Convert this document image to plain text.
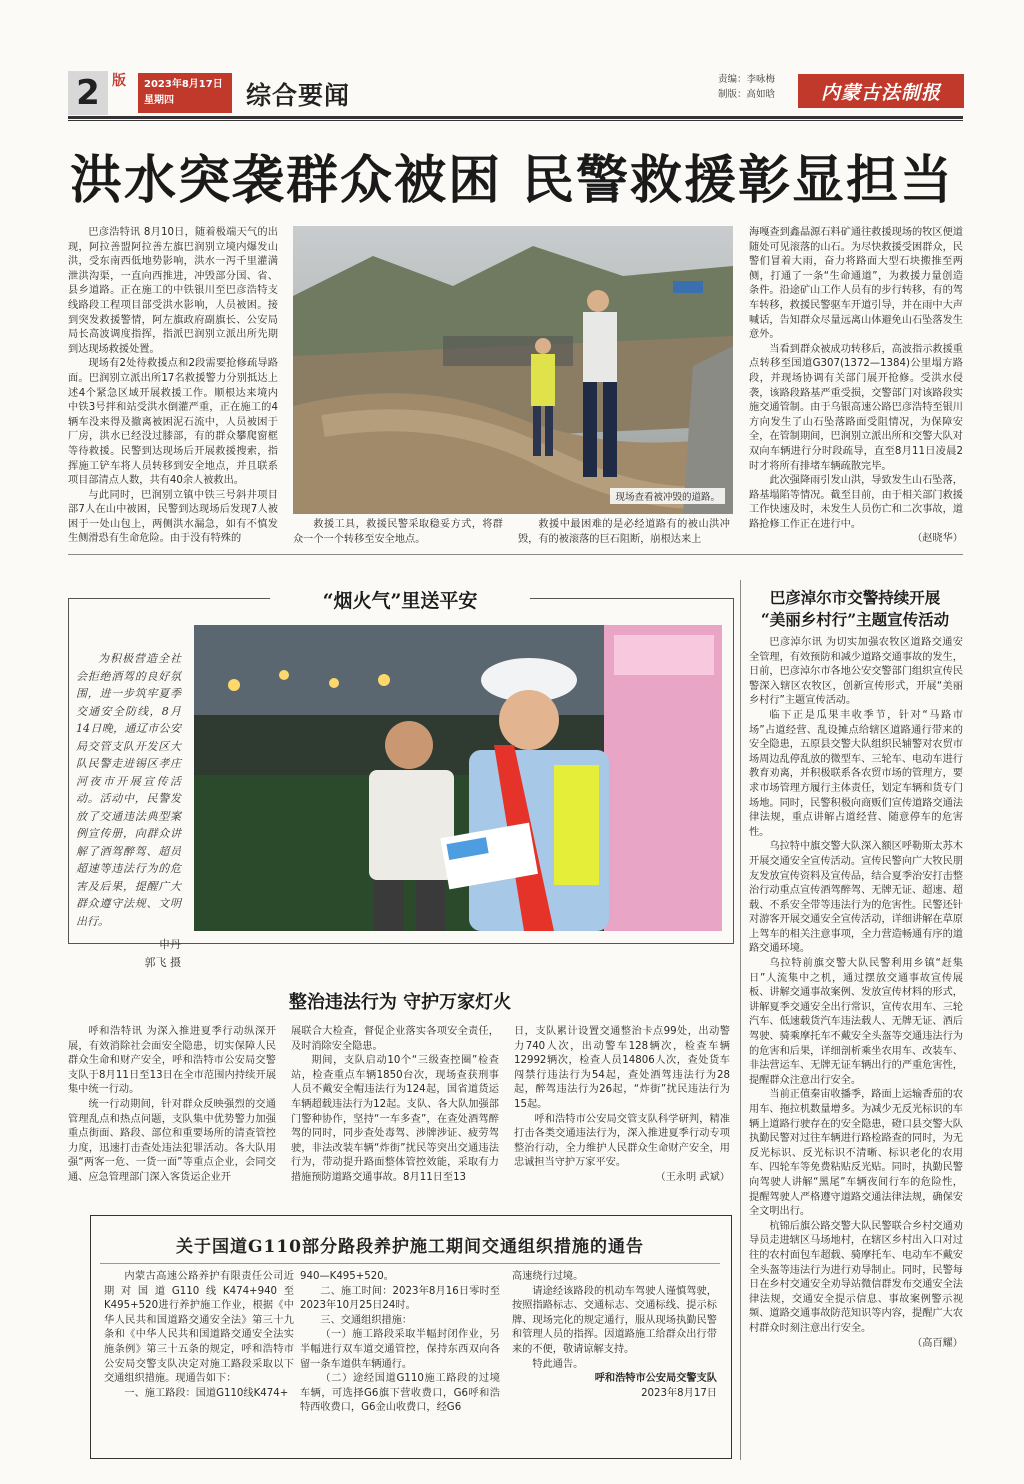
2 版	2023年8月17日
星期四	综合要闻
责编：李咏梅
制版：高如晗	内蒙古法制报
洪水突袭群众被困 民警救援彰显担当

巴彦浩特讯 8月10日，随着极端天气的出现，阿拉善盟阿拉善左旗巴润别立境内爆发山洪，受东南西低地势影响，洪水一泻千里灌满泄洪沟渠，一直向西推进，冲毁部分国、省、县乡道路。正在施工的中铁银川至巴彦浩特支线路段工程项目部受洪水影响，人员被困。接到突发救援警情，阿左旗政府副旗长、公安局局长高波调度指挥，指派巴润别立派出所先期到达现场救援处置。

现场有2处待救援点和2段需要抢修疏导路面。巴润别立派出所17名救援警力分别抵达上述4个紧急区域开展救援工作。顺根达来境内中铁3号拌和站受洪水倒灌严重，正在施工的4辆车没来得及撤离被困泥石流中，人员被困于厂房，洪水已经没过膝部，有的群众攀爬窗框等待救援。民警到达现场后开展救援搜索，指挥施工铲车将人员转移到安全地点，并且联系项目部清点人数，共有40余人被救出。

与此同时，巴润别立镇中铁三号斜井项目部7人在山中被困，民警到达现场后发现7人被困于一处山包上，两侧洪水漏急，如有不慎发生侧滑恐有生命危险。由于没有特殊的

现场查看被冲毁的道路。

救援工具，救援民警采取稳妥方式，将群众一个一个转移至安全地点。

救援中最困难的是必经道路有的被山洪冲毁，有的被滚落的巨石阻断，崩根达来上

海嘎查到鑫晶源石料矿通往救援现场的牧区便道随处可见滚落的山石。为尽快救援受困群众，民警们冒着大雨，奋力将路面大型石块搬推至两侧，打通了一条“生命通道”，为救援力量创造条件。沿途矿山工作人员有的步行转移，有的驾车转移，救援民警驱车开道引导，并在雨中大声喊话，告知群众尽量远离山体避免山石坠落发生意外。

当看到群众被成功转移后，高波指示救援重点转移至国道G307(1372—1384)公里塌方路段，并现场协调有关部门展开抢修。受洪水侵袭，该路段路基严重受损，交警部门对该路段实施交通管制。由于乌银高速公路巴彦浩特至银川方向发生了山石坠落路面受阻情况，为保障安全，在管制期间，巴润别立派出所和交警大队对双向车辆进行分时段疏导，直至8月11日凌晨2时才将所有排堵车辆疏散完毕。

此次强降雨引发山洪，导致发生山石坠落，路基塌陷等情况。截至目前，由于相关部门救援工作快速及时，未发生人员伤亡和二次事故，道路抢修工作正在进行中。

（赵晓华）
“烟火气”里送平安
为积极营造全社会拒绝酒驾的良好氛围，进一步筑牢夏季交通安全防线，8月14日晚，通辽市公安局交管支队开发区大队民警走进锡区孝庄河夜市开展宣传活动。活动中，民警发放了交通违法典型案例宣传册，向群众讲解了酒驾醉驾、超员超速等违法行为的危害及后果，提醒广大群众遵守法规、文明出行。
申丹
郭飞 摄
巴彦淖尔市交警持续开展
“美丽乡村行”主题宣传活动

巴彦淖尔讯 为切实加强农牧区道路交通安全管理，有效预防和减少道路交通事故的发生，日前，巴彦淖尔市各地公安交警部门组织宣传民警深入辖区农牧区，创新宣传形式，开展“美丽乡村行”主题宣传活动。

临下正是瓜果丰收季节，针对“马路市场”占道经营、乱设摊点给辖区道路通行带来的安全隐患，五原县交警大队组织民辅警对农贸市场周边乱停乱放的微型车、三轮车、电动车进行教育劝离，并积极联系各农贸市场的管理方，要求市场管理方履行主体责任，划定车辆和货专门场地。同时，民警积极向商贩们宣传道路交通法律法规，重点讲解占道经营、随意停车的危害性。

乌拉特中旗交警大队深入额区呼勒斯太苏木开展交通安全宣传活动。宣传民警向广大牧民朋友发放宣传资料及宣传品，结合夏季治安打击整治行动重点宣传酒驾醉驾、无牌无证、超速、超载、不系安全带等违法行为的危害性。民警还针对游客开展交通安全宣传活动，详细讲解在草原上驾车的相关注意事项，全力营造畅通有序的道路交通环境。

乌拉特前旗交警大队民警利用乡镇“赶集日”人流集中之机，通过摆放交通事故宣传展板、讲解交通事故案例、发放宣传材料的形式，讲解夏季交通安全出行常识，宣传农用车、三轮汽车、低速载货汽车违法载人、无牌无证、酒后驾驶、骑乘摩托车不戴安全头盔等交通违法行为的危害和后果，详细剖析乘坐农用车、改装车、非法营运车、无牌无证车辆出行的严重危害性，提醒群众注意出行安全。

当前正值秦宙收播季，路面上运输香茄的农用车、拖拉机数量增多。为减少无反光标识的车辆上道路行驶存在的安全隐患，磴口县交警大队执勤民警对过往车辆进行路检路查的同时，为无反光标识、反光标识不清晰、标识老化的农用车、四轮车等免费粘贴反光贴。同时，执勤民警向驾驶人讲解“黑尾”车辆夜间行车的危险性，提醒驾驶人严格遵守道路交通法律法规，确保安全文明出行。

杭锦后旗公路交警大队民警联合乡村交通劝导员走进辖区马场地村，在辖区乡村出入口对过往的农村面包车超载、骑摩托车、电动车不戴安全头盔等违法行为进行劝导制止。同时，民警每日在乡村交通安全劝导站微信群发布交通安全法律法规，交通安全提示信息、事故案例警示视频、道路交通事故防范知识等内容，提醒广大农村群众时刻注意出行安全。

（高百耀）
整治违法行为 守护万家灯火

呼和浩特讯 为深入推进夏季行动纵深开展，有效消除社会面安全隐患，切实保障人民群众生命和财产安全，呼和浩特市公安局交警支队于8月11日至13日在全市范围内持续开展集中统一行动。

统一行动期间，针对群众反映强烈的交通管理乱点和热点问题，支队集中优势警力加强重点街面、路段、部位和重要场所的清查管控力度，迅速打击查处违法犯罪活动。各大队用强“两客一危、一货一面”等重点企业，会同交通、应急管理部门深入客货运企业开

展联合大检查，督促企业落实各项安全责任，及时消除安全隐患。

期间，支队启动10个“三级查控圈”检查站，检查重点车辆1850台次，现场查获刑事人员不戴安全帽违法行为124起，国省道货运车辆超载违法行为12起。支队、各大队加强部门警种协作，坚持“一车多查”，在查处酒驾醉驾的同时，同步查处毒驾、涉牌涉证、疲劳驾驶，非法改装车辆“炸街”扰民等突出交通违法行为，带动提升路面整体管控效能，采取有力措施预防道路交通事故。8月11日至13

日，支队累计设置交通整治卡点99处，出动警力740人次，出动警车128辆次，检查车辆12992辆次，检查人员14806人次，查处货车闯禁行违法行为54起，查处酒驾违法行为28起，醉驾违法行为26起，“炸街”扰民违法行为15起。

呼和浩特市公安局交管支队科学研判，精准打击各类交通违法行为，深入推进夏季行动专项整治行动，全力维护人民群众生命财产安全，用忠诚担当守护万家平安。

（王永明 武斌）
关于国道G110部分路段养护施工期间交通组织措施的通告

内蒙古高速公路养护有限责任公司近期对国道G110线K474+940至K495+520进行养护施工作业，根据《中华人民共和国道路交通安全法》第三十九条和《中华人民共和国道路交通安全法实施条例》第三十五条的规定，呼和浩特市公安局交警支队决定对施工路段采取以下交通组织措施。现通告如下：

一、施工路段：国道G110线K474+

940—K495+520。

二、施工时间：2023年8月16日零时至2023年10月25日24时。

三、交通组织措施：

（一）施工路段采取半幅封闭作业，另半幅进行双车道交通管控，保持东西双向各留一条车道供车辆通行。

（二）途经国道G110施工路段的过境车辆，可选择G6旗下营收费口，G6呼和浩特西收费口，G6金山收费口，经G6

高速绕行过境。

请途经该路段的机动车驾驶人谨慎驾驶，按照指路标志、交通标志、交通标线、提示标牌、现场完化的规定通行，服从现场执勤民警和管理人员的指挥。因道路施工给群众出行带来的不便，敬请谅解支持。

特此通告。

呼和浩特市公安局交警支队
2023年8月17日
